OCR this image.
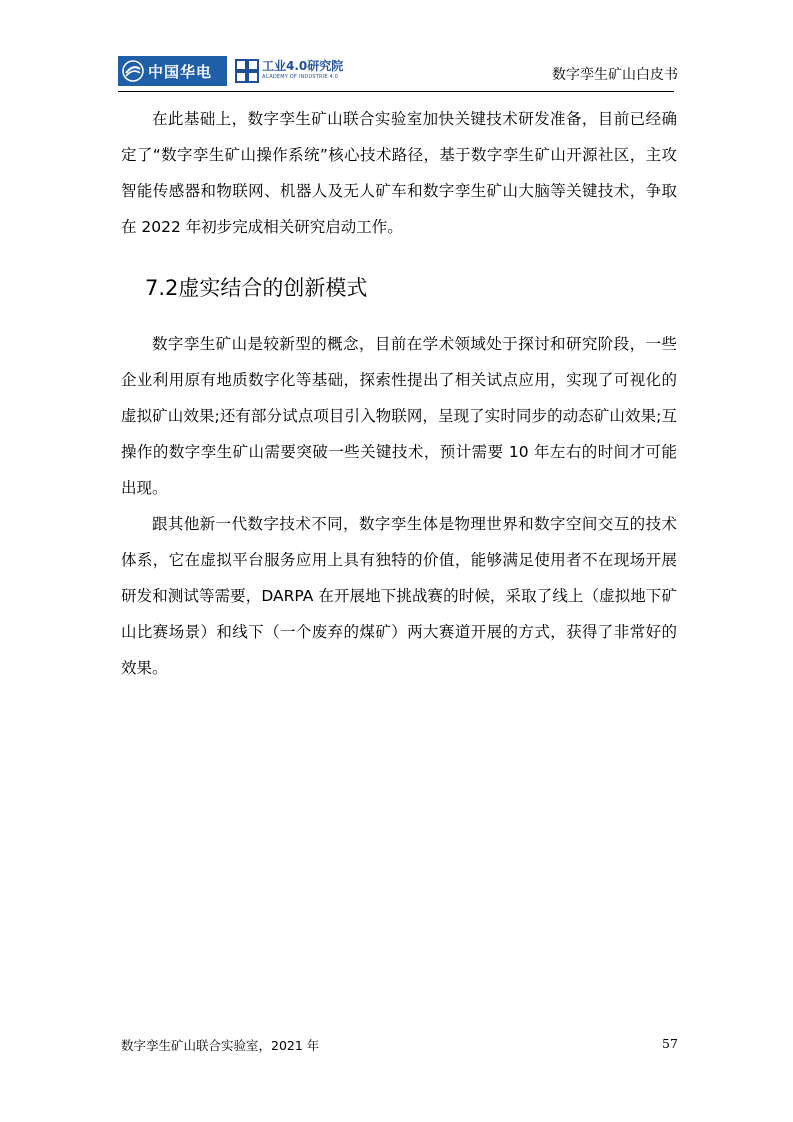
中国华电	工业4.0研究院
ACADEMY OF INDUSTRIE 4.0	数字孪生矿山白皮书

在此基础上，数字孪生矿山联合实验室加快关键技术研发准备，目前已经确定了“数字孪生矿山操作系统”核心技术路径，基于数字孪生矿山开源社区，主攻智能传感器和物联网、机器人及无人矿车和数字孪生矿山大脑等关键技术，争取在 2022 年初步完成相关研究启动工作。

7.2虚实结合的创新模式

数字孪生矿山是较新型的概念，目前在学术领域处于探讨和研究阶段，一些企业利用原有地质数字化等基础，探索性提出了相关试点应用，实现了可视化的虚拟矿山效果;还有部分试点项目引入物联网，呈现了实时同步的动态矿山效果;互操作的数字孪生矿山需要突破一些关键技术，预计需要 10 年左右的时间才可能出现。

跟其他新一代数字技术不同，数字孪生体是物理世界和数字空间交互的技术体系，它在虚拟平台服务应用上具有独特的价值，能够满足使用者不在现场开展研发和测试等需要，DARPA 在开展地下挑战赛的时候，采取了线上（虚拟地下矿山比赛场景）和线下（一个废弃的煤矿）两大赛道开展的方式，获得了非常好的效果。

数字孪生矿山联合实验室，2021 年	57
